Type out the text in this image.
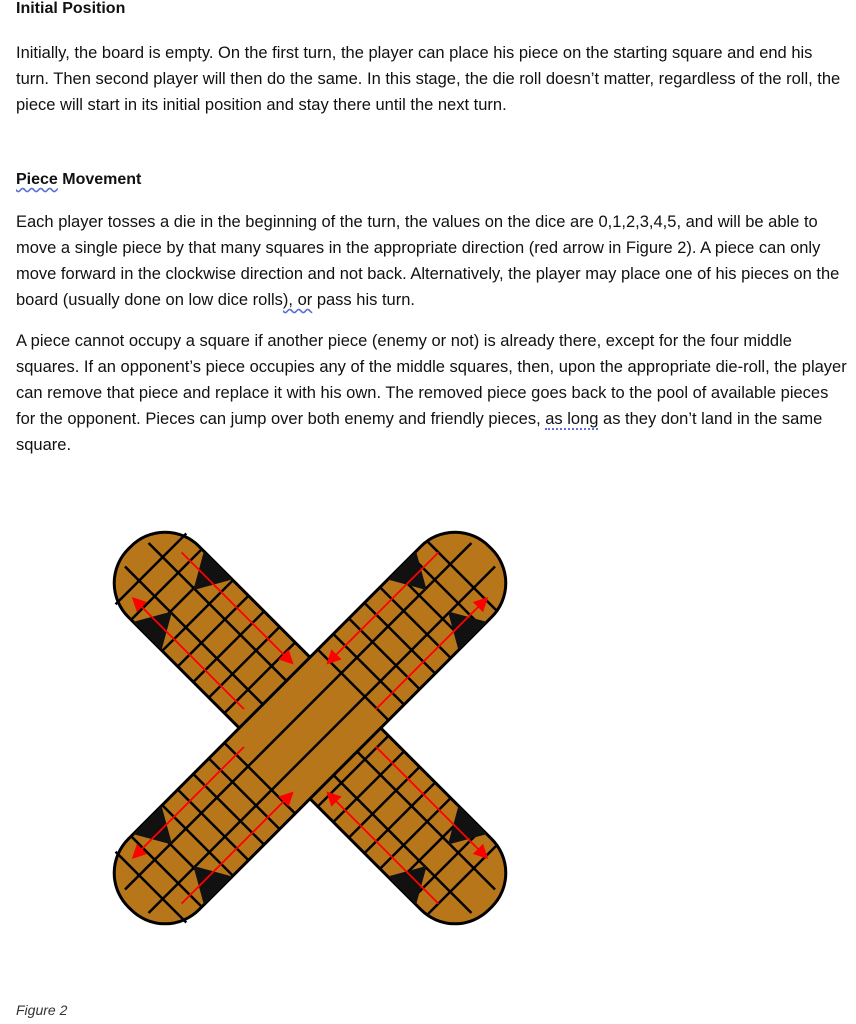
Initial Position

Initially, the board is empty. On the first turn, the player can place his piece on the starting square and end his turn. Then second player will then do the same. In this stage, the die roll doesn’t matter, regardless of the roll, the piece will start in its initial position and stay there until the next turn.

Piece Movement

Each player tosses a die in the beginning of the turn, the values on the dice are 0,1,2,3,4,5, and will be able to move a single piece by that many squares in the appropriate direction (red arrow in Figure 2). A piece can only move forward in the clockwise direction and not back. Alternatively, the player may place one of his pieces on the board (usually done on low dice rolls), or pass his turn.

A piece cannot occupy a square if another piece (enemy or not) is already there, except for the four middle squares. If an opponent’s piece occupies any of the middle squares, then, upon the appropriate die-roll, the player can remove that piece and replace it with his own. The removed piece goes back to the pool of available pieces for the opponent. Pieces can jump over both enemy and friendly pieces, as long as they don’t land in the same square.

Figure 2
